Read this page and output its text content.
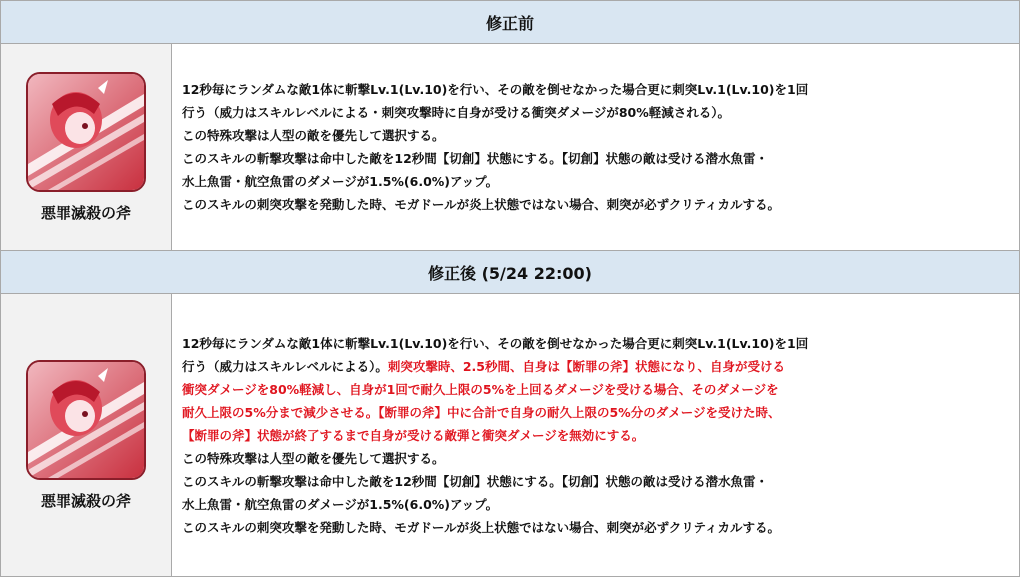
修正前
悪罪滅殺の斧

12秒毎にランダムな敵1体に斬撃Lv.1(Lv.10)を行い、その敵を倒せなかった場合更に刺突Lv.1(Lv.10)を1回

行う（威力はスキルレベルによる・刺突攻撃時に自身が受ける衝突ダメージが80%軽減される）。

この特殊攻撃は人型の敵を優先して選択する。

このスキルの斬撃攻撃は命中した敵を12秒間【切創】状態にする。【切創】状態の敵は受ける潜水魚雷・

水上魚雷・航空魚雷のダメージが1.5%(6.0%)アップ。

このスキルの刺突攻撃を発動した時、モガドールが炎上状態ではない場合、刺突が必ずクリティカルする。

修正後 (5/24 22:00)
悪罪滅殺の斧

12秒毎にランダムな敵1体に斬撃Lv.1(Lv.10)を行い、その敵を倒せなかった場合更に刺突Lv.1(Lv.10)を1回

行う（威力はスキルレベルによる）。刺突攻撃時、2.5秒間、自身は【断罪の斧】状態になり、自身が受ける

衝突ダメージを80%軽減し、自身が1回で耐久上限の5%を上回るダメージを受ける場合、そのダメージを

耐久上限の5%分まで減少させる。【断罪の斧】中に合計で自身の耐久上限の5%分のダメージを受けた時、

【断罪の斧】状態が終了するまで自身が受ける敵弾と衝突ダメージを無効にする。

この特殊攻撃は人型の敵を優先して選択する。

このスキルの斬撃攻撃は命中した敵を12秒間【切創】状態にする。【切創】状態の敵は受ける潜水魚雷・

水上魚雷・航空魚雷のダメージが1.5%(6.0%)アップ。

このスキルの刺突攻撃を発動した時、モガドールが炎上状態ではない場合、刺突が必ずクリティカルする。
